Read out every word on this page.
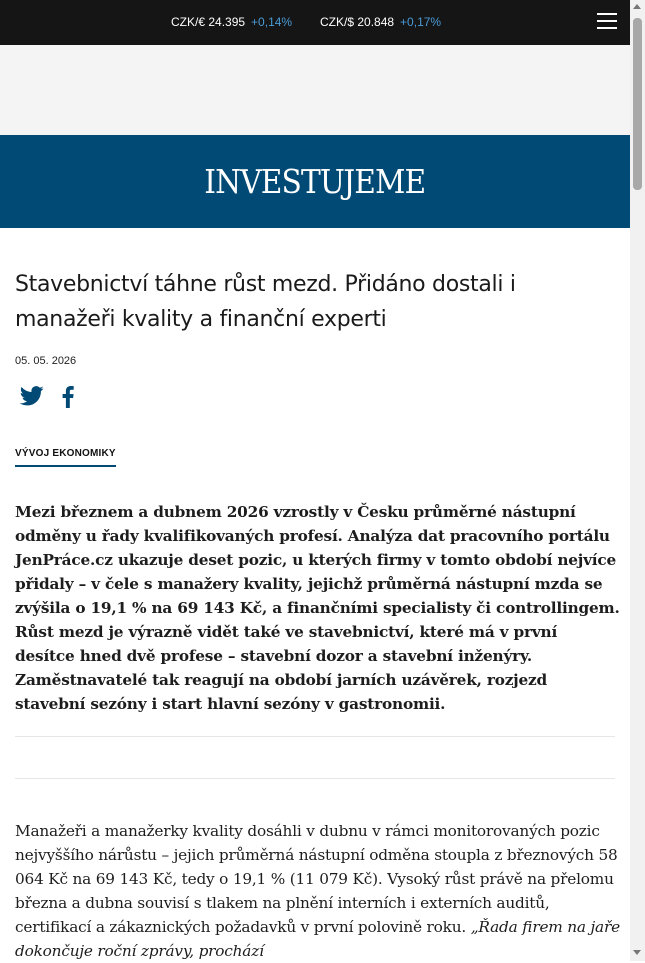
CZK/€ 24.395 +0,14% CZK/$ 20.848 +0,17%
INVESTUJEME
Stavebnictví táhne růst mezd. Přidáno dostali i manažeři kvality a finanční experti
05. 05. 2026
VÝVOJ EKONOMIKY

Mezi březnem a dubnem 2026 vzrostly v Česku průměrné nástupní odměny u řady kvalifikovaných profesí. Analýza dat pracovního portálu JenPráce.cz ukazuje deset pozic, u kterých firmy v tomto období nejvíce přidaly – v čele s manažery kvality, jejichž průměrná nástupní mzda se zvýšila o 19,1 % na 69 143 Kč, a finančními specialisty či controllingem. Růst mezd je výrazně vidět také ve stavebnictví, které má v první desítce hned dvě profese – stavební dozor a stavební inženýry. Zaměstnavatelé tak reagují na období jarních uzávěrek, rozjezd stavební sezóny i start hlavní sezóny v gastronomii.

Manažeři a manažerky kvality dosáhli v dubnu v rámci monitorovaných pozic nejvyššího nárůstu – jejich průměrná nástupní odměna stoupla z březnových 58 064 Kč na 69 143 Kč, tedy o 19,1 % (11 079 Kč). Vysoký růst právě na přelomu března a dubna souvisí s tlakem na plnění interních i externích auditů, certifikací a zákaznických požadavků v první polovině roku. „Řada firem na jaře dokončuje roční zprávy, prochází
